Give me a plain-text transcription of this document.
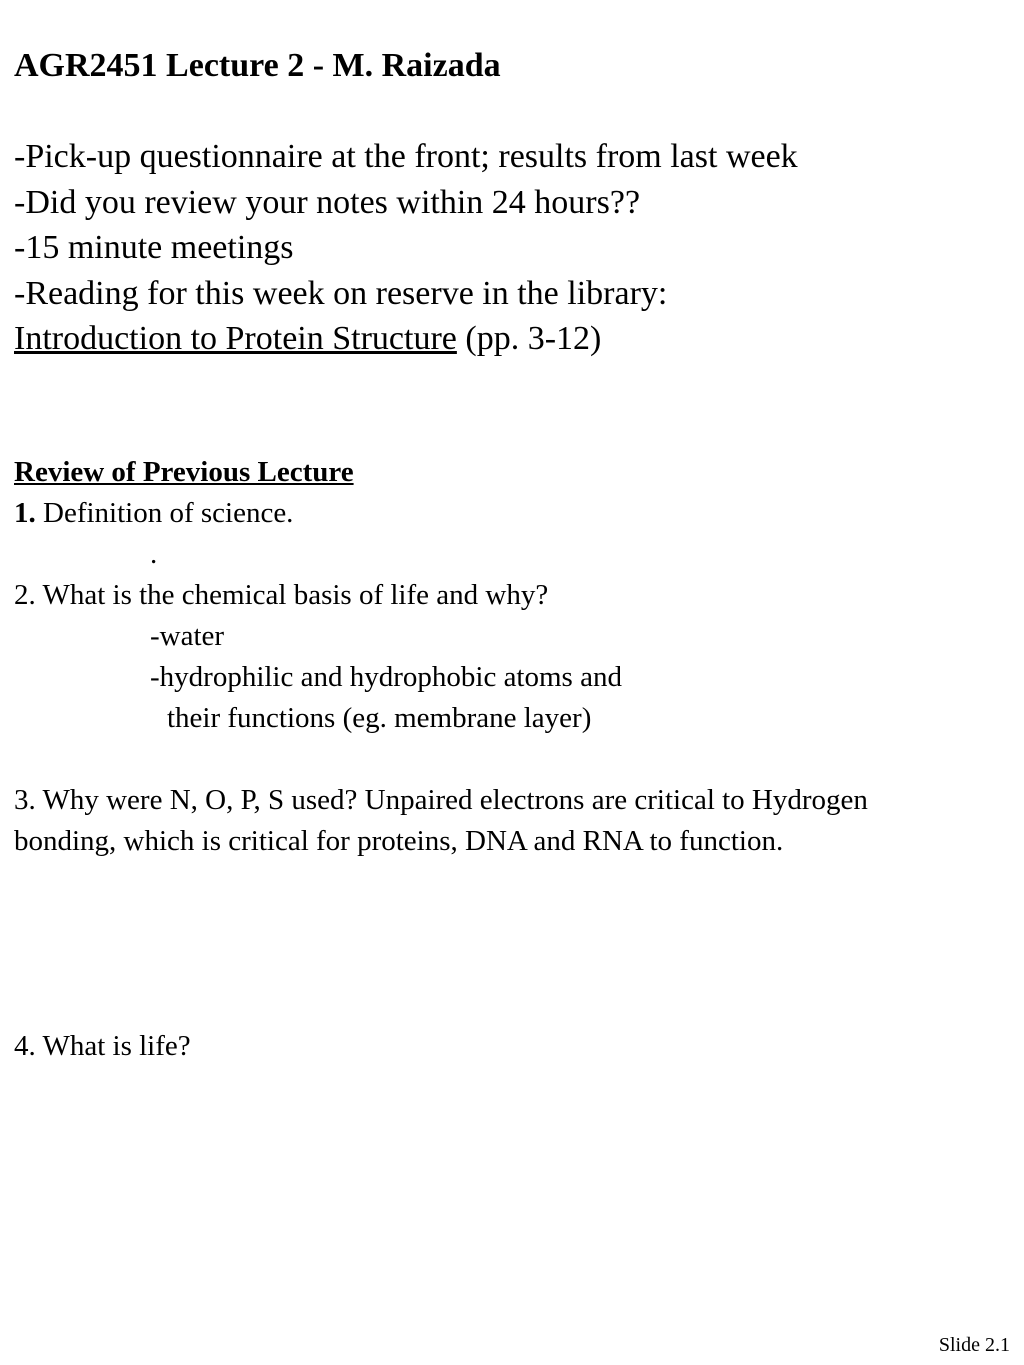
AGR2451 Lecture 2 - M. Raizada
-Pick-up questionnaire at the front; results from last week
-Did you review your notes within 24 hours??
-15 minute meetings
-Reading for this week on reserve in the library:
Introduction to Protein Structure (pp. 3-12)
Review of Previous Lecture
1. Definition of science.
.
2. What is the chemical basis of life and why?
-water
-hydrophilic and hydrophobic atoms and
their functions (eg. membrane layer)
3. Why were N, O, P, S used? Unpaired electrons are critical to Hydrogen bonding, which is critical for proteins, DNA and RNA to function.
4. What is life?
Slide 2.1
